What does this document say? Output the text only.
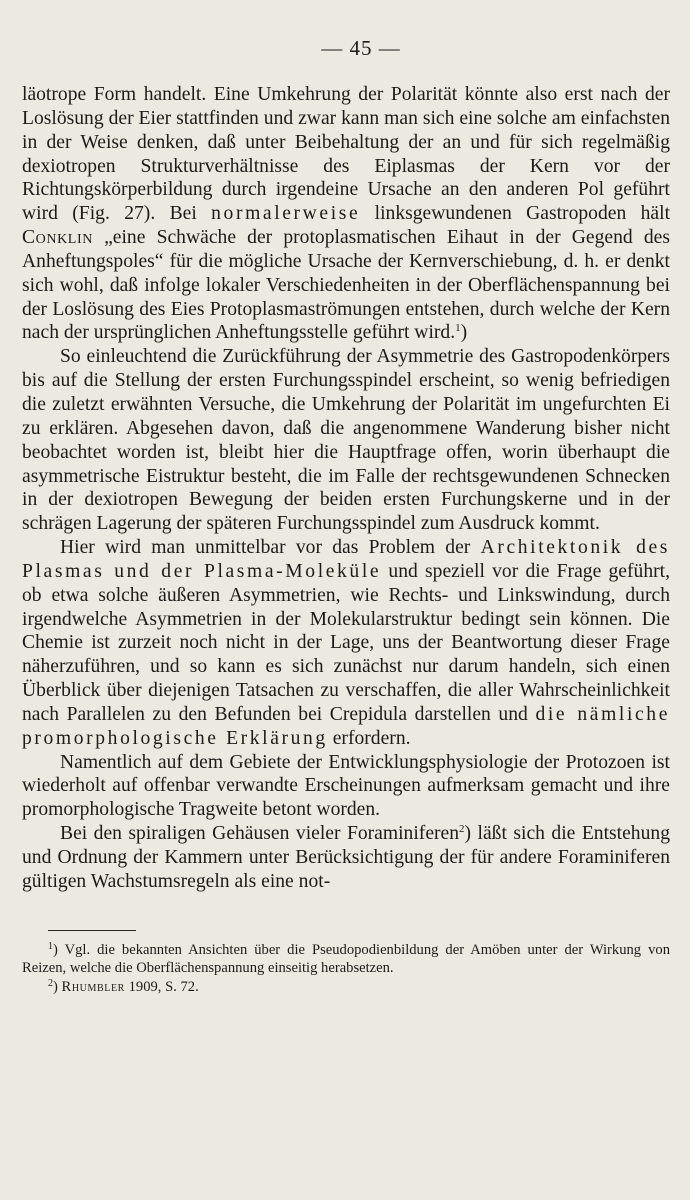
— 45 —

läotrope Form handelt. Eine Umkehrung der Polarität könnte also erst nach der Loslösung der Eier stattfinden und zwar kann man sich eine solche am einfachsten in der Weise denken, daß unter Beibehaltung der an und für sich regelmäßig dexiotropen Strukturverhältnisse des Eiplasmas der Kern vor der Richtungskörperbildung durch irgendeine Ursache an den anderen Pol geführt wird (Fig. 27). Bei normalerweise linksgewundenen Gastropoden hält Conklin „eine Schwäche der protoplasmatischen Eihaut in der Gegend des Anheftungspoles“ für die mögliche Ursache der Kernverschiebung, d. h. er denkt sich wohl, daß infolge lokaler Verschiedenheiten in der Oberflächenspannung bei der Loslösung des Eies Protoplasmaströmungen entstehen, durch welche der Kern nach der ursprünglichen Anheftungsstelle geführt wird.$^1$)

So einleuchtend die Zurückführung der Asymmetrie des Gastropodenkörpers bis auf die Stellung der ersten Furchungsspindel erscheint, so wenig befriedigen die zuletzt erwähnten Versuche, die Umkehrung der Polarität im ungefurchten Ei zu erklären. Abgesehen davon, daß die angenommene Wanderung bisher nicht beobachtet worden ist, bleibt hier die Hauptfrage offen, worin überhaupt die asymmetrische Eistruktur besteht, die im Falle der rechtsgewundenen Schnecken in der dexiotropen Bewegung der beiden ersten Furchungskerne und in der schrägen Lagerung der späteren Furchungsspindel zum Ausdruck kommt.

Hier wird man unmittelbar vor das Problem der Architektonik des Plasmas und der Plasma-Moleküle und speziell vor die Frage geführt, ob etwa solche äußeren Asymmetrien, wie Rechts- und Linkswindung, durch irgendwelche Asymmetrien in der Molekularstruktur bedingt sein können. Die Chemie ist zurzeit noch nicht in der Lage, uns der Beantwortung dieser Frage näherzuführen, und so kann es sich zunächst nur darum handeln, sich einen Überblick über diejenigen Tatsachen zu verschaffen, die aller Wahrscheinlichkeit nach Parallelen zu den Befunden bei Crepidula darstellen und die nämliche promorphologische Erklärung erfordern.

Namentlich auf dem Gebiete der Entwicklungsphysiologie der Protozoen ist wiederholt auf offenbar verwandte Erscheinungen aufmerksam gemacht und ihre promorphologische Tragweite betont worden.

Bei den spiraligen Gehäusen vieler Foraminiferen$^2$) läßt sich die Entstehung und Ordnung der Kammern unter Berücksichtigung der für andere Foraminiferen gültigen Wachstumsregeln als eine not-

$^1$) Vgl. die bekannten Ansichten über die Pseudopodienbildung der Amöben unter der Wirkung von Reizen, welche die Oberflächenspannung einseitig herabsetzen.

$^2$) Rhumbler 1909, S. 72.
